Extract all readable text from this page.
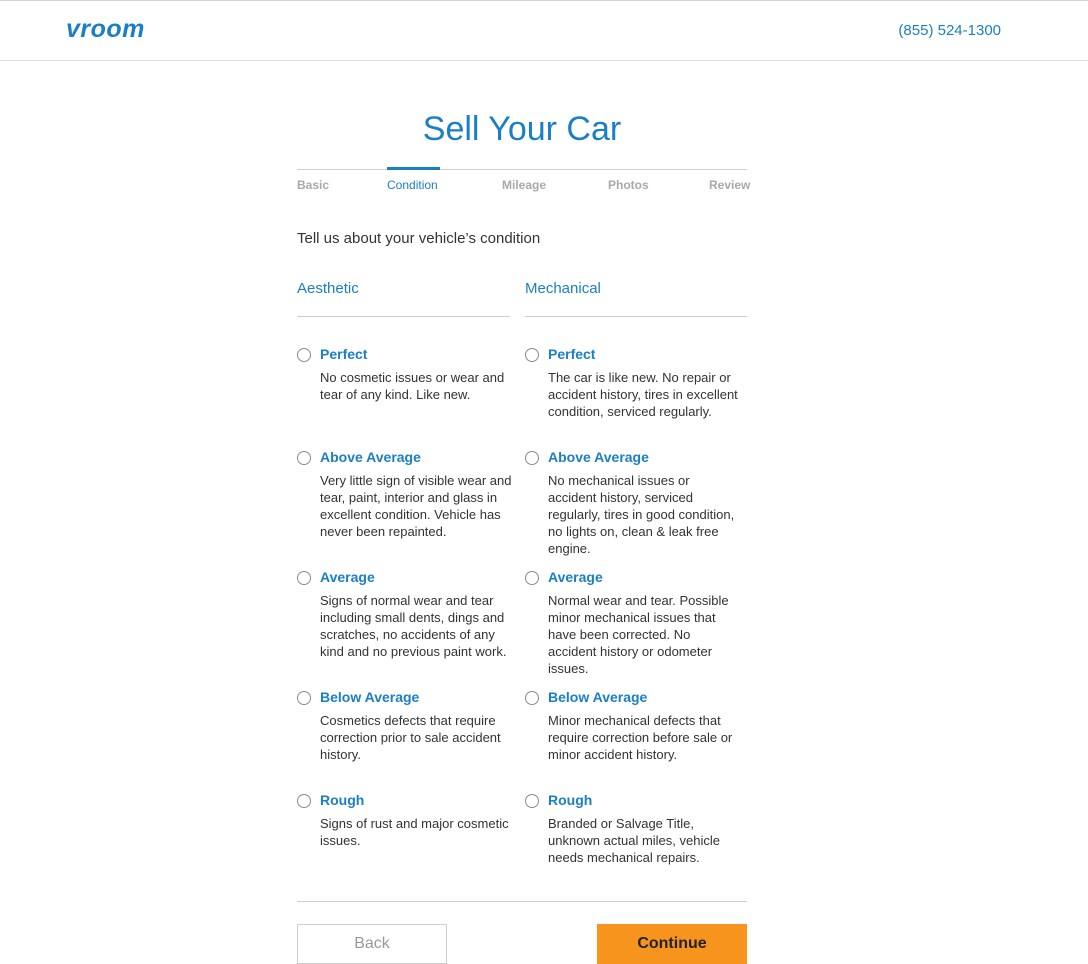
vroom	(855) 524-1300
Sell Your Car
Basic	Condition	Mileage	Photos	Review
Tell us about your vehicle’s condition
Aesthetic	Mechanical
Perfect
No cosmetic issues or wear and tear of any kind. Like new.
Above Average
Very little sign of visible wear and tear, paint, interior and glass in excellent condition. Vehicle has never been repainted.
Average
Signs of normal wear and tear including small dents, dings and scratches, no accidents of any kind and no previous paint work.
Below Average
Cosmetics defects that require correction prior to sale accident history.
Rough
Signs of rust and major cosmetic issues.
Perfect
The car is like new. No repair or accident history, tires in excellent condition, serviced regularly.
Above Average
No mechanical issues or accident history, serviced regularly, tires in good condition, no lights on, clean & leak free engine.
Average
Normal wear and tear. Possible minor mechanical issues that have been corrected. No accident history or odometer issues.
Below Average
Minor mechanical defects that require correction before sale or minor accident history.
Rough
Branded or Salvage Title, unknown actual miles, vehicle needs mechanical repairs.
Back	Continue
